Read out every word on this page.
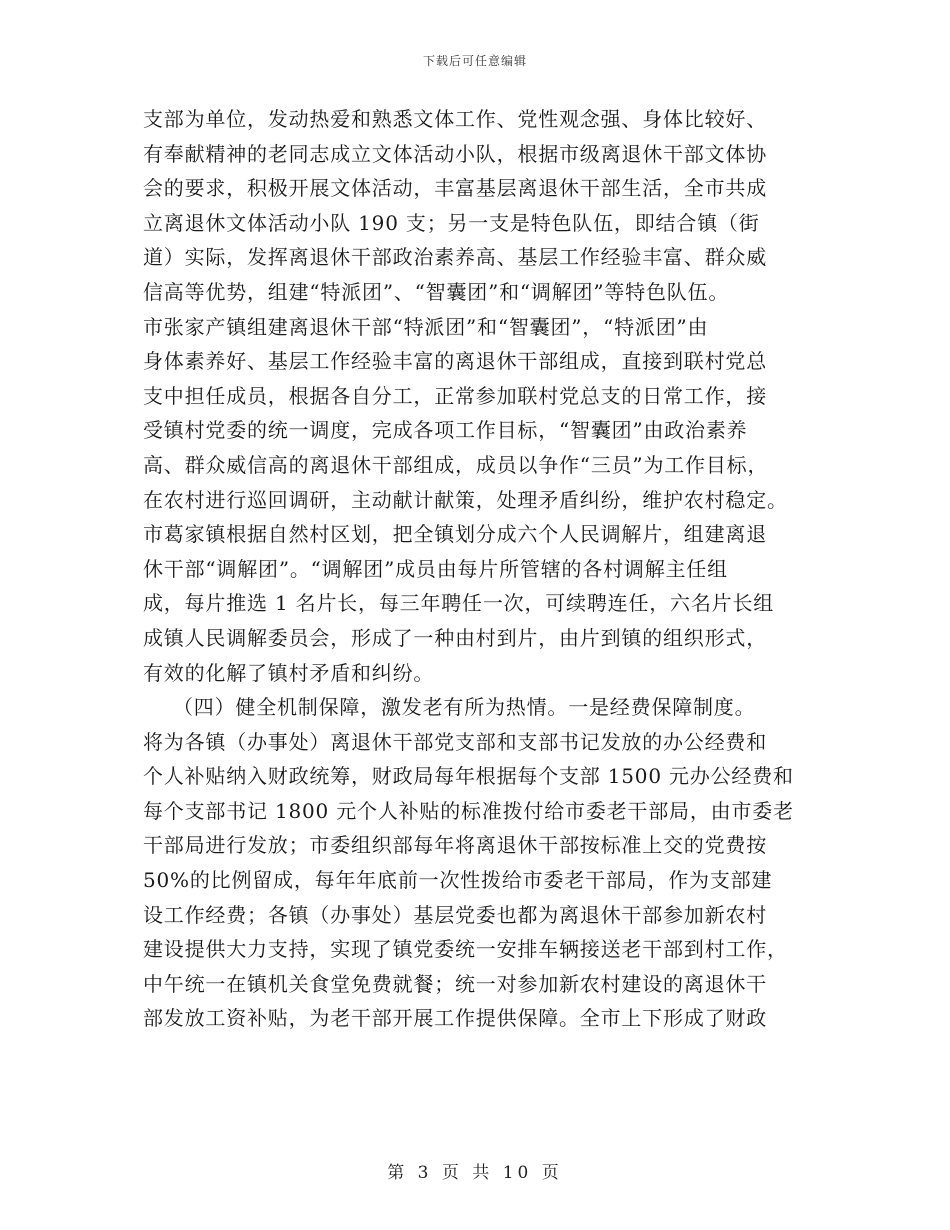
下载后可任意编辑
支部为单位，发动热爱和熟悉文体工作、党性观念强、身体比较好、
有奉献精神的老同志成立文体活动小队，根据市级离退休干部文体协
会的要求，积极开展文体活动，丰富基层离退休干部生活，全市共成
立离退休文体活动小队 190 支；另一支是特色队伍，即结合镇（街
道）实际，发挥离退休干部政治素养高、基层工作经验丰富、群众威
信高等优势，组建“特派团”、“智囊团”和“调解团”等特色队伍。
市张家产镇组建离退休干部“特派团”和“智囊团”，“特派团”由
身体素养好、基层工作经验丰富的离退休干部组成，直接到联村党总
支中担任成员，根据各自分工，正常参加联村党总支的日常工作，接
受镇村党委的统一调度，完成各项工作目标，“智囊团”由政治素养
高、群众威信高的离退休干部组成，成员以争作“三员”为工作目标，
在农村进行巡回调研，主动献计献策，处理矛盾纠纷，维护农村稳定。
市葛家镇根据自然村区划，把全镇划分成六个人民调解片，组建离退
休干部“调解团”。“调解团”成员由每片所管辖的各村调解主任组
成，每片推选 1 名片长，每三年聘任一次，可续聘连任，六名片长组
成镇人民调解委员会，形成了一种由村到片，由片到镇的组织形式，
有效的化解了镇村矛盾和纠纷。
（四）健全机制保障，激发老有所为热情。一是经费保障制度。
将为各镇（办事处）离退休干部党支部和支部书记发放的办公经费和
个人补贴纳入财政统筹，财政局每年根据每个支部 1500 元办公经费和
每个支部书记 1800 元个人补贴的标准拨付给市委老干部局，由市委老
干部局进行发放；市委组织部每年将离退休干部按标准上交的党费按
50%的比例留成，每年年底前一次性拨给市委老干部局，作为支部建
设工作经费；各镇（办事处）基层党委也都为离退休干部参加新农村
建设提供大力支持，实现了镇党委统一安排车辆接送老干部到村工作，
中午统一在镇机关食堂免费就餐；统一对参加新农村建设的离退休干
部发放工资补贴，为老干部开展工作提供保障。全市上下形成了财政
第 3 页 共 10 页
